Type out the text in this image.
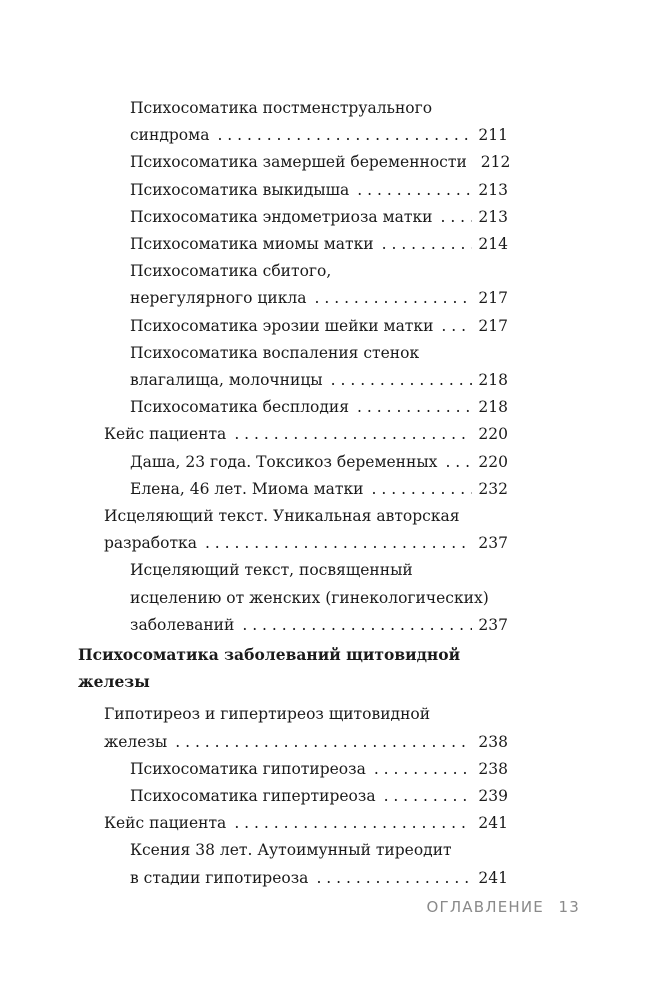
Психосоматика постменструального
синдрома . . .	211
Психосоматика замершей беременности 212
Психосоматика выкидыша . . .	213
Психосоматика эндометриоза матки . . .	213
Психосоматика миомы матки . . .	214
Психосоматика сбитого,
нерегулярного цикла . . .	217
Психосоматика эрозии шейки матки . . .	217
Психосоматика воспаления стенок
влагалища, молочницы . . .	218
Психосоматика бесплодия . . .	218
Кейс пациента . . .	220
Даша, 23 года. Токсикоз беременных . . .	220
Елена, 46 лет. Миома матки . . .	232
Исцеляющий текст. Уникальная авторская
разработка . . .	237
Исцеляющий текст, посвященный
исцелению от женских (гинекологических)
заболеваний . . .	237
Психосоматика заболеваний щитовидной
железы
Гипотиреоз и гипертиреоз щитовидной
железы . . .	238
Психосоматика гипотиреоза . . .	238
Психосоматика гипертиреоза . . .	239
Кейс пациента . . .	241
Ксения 38 лет. Аутоимунный тиреодит
в стадии гипотиреоза . . .	241
ОГЛАВЛЕНИЕ 13
